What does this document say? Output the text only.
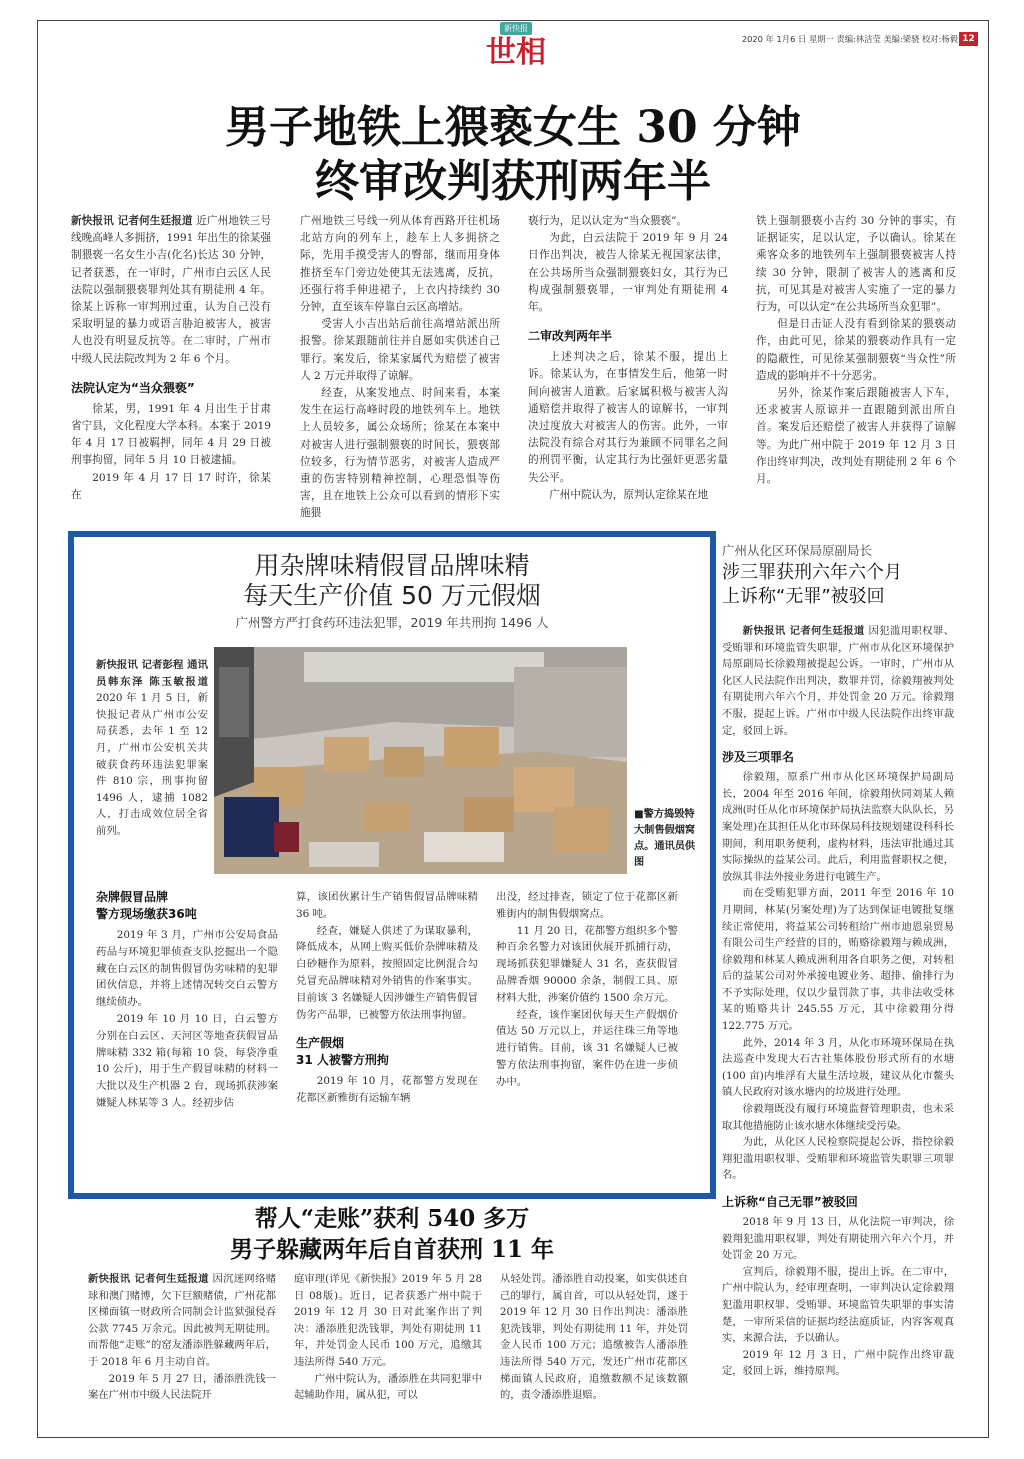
新快报
世相	2020 年 1月6 日 星期一 责编:林洁莹 美编:梁骁 校对:杨毅 12
男子地铁上猥亵女生 30 分钟
终审改判获刑两年半

新快报讯 记者何生廷报道 近广州地铁三号线晚高峰人多拥挤，1991 年出生的徐某强制猥亵一名女生小吉(化名)长达 30 分钟，记者获悉，在一审时，广州市白云区人民法院以强制猥亵罪判处其有期徒刑 4 年。徐某上诉称一审判刑过重，认为自己没有采取明显的暴力或语言胁迫被害人，被害人也没有明显反抗等。在二审时，广州市中级人民法院改判为 2 年 6 个月。

法院认定为“当众猥亵”

徐某，男，1991 年 4 月出生于甘肃省宁县，文化程度大学本科。本案于 2019 年 4 月 17 日被羁押，同年 4 月 29 日被刑事拘留，同年 5 月 10 日被逮捕。

2019 年 4 月 17 日 17 时许，徐某在

广州地铁三号线一列从体育西路开往机场北站方向的列车上，趁车上人多拥挤之际，先用手摸受害人的臀部，继而用身体推挤至车门旁边处使其无法逃离，反抗，还强行将手伸进裙子，上衣内持续约 30 分钟，直至该车停靠白云区高增站。

受害人小吉出站后前往高增站派出所报警。徐某跟随前往并自愿如实供述自己罪行。案发后，徐某家属代为赔偿了被害人 2 万元并取得了谅解。

经查，从案发地点、时间来看，本案发生在运行高峰时段的地铁列车上。地铁上人员较多，属公众场所；徐某在本案中对被害人进行强制猥亵的时间长，猥亵部位较多，行为情节恶劣，对被害人造成严重的伤害特别精神控制，心理恐惧等伤害，且在地铁上公众可以看到的情形下实施猥

亵行为，足以认定为“当众猥亵”。

为此，白云法院于 2019 年 9 月 24 日作出判决，被告人徐某无视国家法律，在公共场所当众强制猥亵妇女，其行为已构成强制猥亵罪，一审判处有期徒刑 4 年。

二审改判两年半

上述判决之后，徐某不服，提出上诉。徐某认为，在事情发生后，他第一时间向被害人道歉。后家属积极与被害人沟通赔偿并取得了被害人的谅解书，一审判决过度放大对被害人的伤害。此外，一审法院没有综合对其行为兼顾不同罪名之间的刑罚平衡，认定其行为比强奸更恶劣量失公平。

广州中院认为，原判认定徐某在地

铁上强制猥亵小吉约 30 分钟的事实，有证据证实，足以认定，予以确认。徐某在乘客众多的地铁列车上强制猥亵被害人持续 30 分钟，限制了被害人的逃离和反抗，可见其是对被害人实施了一定的暴力行为，可以认定“在公共场所当众犯罪”。

但是日击证人没有看到徐某的猥亵动作，由此可见，徐某的猥亵动作具有一定的隐蔽性，可见徐某强制猥亵“当众性”所造成的影响并不十分恶劣。

另外，徐某作案后跟随被害人下车，还求被害人原谅并一直跟随到派出所自首。案发后还赔偿了被害人并获得了谅解等。为此广州中院于 2019 年 12 月 3 日作出终审判决，改判处有期徒刑 2 年 6 个月。

用杂牌味精假冒品牌味精
每天生产价值 50 万元假烟
广州警方严打食药环违法犯罪，2019 年共刑拘 1496 人

新快报讯 记者彭程 通讯员韩东泽 陈玉敏报道 2020 年 1 月 5 日，新快报记者从广州市公安局获悉，去年 1 至 12 月，广州市公安机关共破获食药环违法犯罪案件 810 宗，刑事拘留 1496 人，逮捕 1082 人，打击成效位居全省前列。

■警方捣毁特大制售假烟窝点。通讯员供图
杂牌假冒品牌
警方现场缴获36吨

2019 年 3 月，广州市公安局食品药品与环境犯罪侦查支队挖掘出一个隐藏在白云区的制售假冒伪劣味精的犯罪团伙信息，并将上述情况转交白云警方继续侦办。

2019 年 10 月 10 日，白云警方分别在白云区、天河区等地查获假冒品牌味精 332 箱(每箱 10 袋，每袋净重 10 公斤)，用于生产假冒味精的材料一大批以及生产机器 2 台，现场抓获涉案嫌疑人林某等 3 人。经初步估

算，该团伙累计生产销售假冒品牌味精 36 吨。

经查，嫌疑人供述了为谋取暴利，降低成本，从网上购买低价杂牌味精及白砂糖作为原料，按照固定比例混合勾兑冒充品牌味精对外销售的作案事实。目前该 3 名嫌疑人因涉嫌生产销售假冒伪劣产品罪，已被警方依法刑事拘留。

生产假烟
31 人被警方刑拘

2019 年 10 月，花都警方发现在花都区新雅街有运输车辆

出没，经过排查，锁定了位于花都区新雅街内的制售假烟窝点。

11 月 20 日，花都警方组织多个警种百余名警力对该团伙展开抓捕行动，现场抓获犯罪嫌疑人 31 名，查获假冒品牌香烟 90000 余条，制假工具、原材料大批，涉案价值约 1500 余万元。

经查，该作案团伙每天生产假烟价值达 50 万元以上，并运往珠三角等地进行销售。目前，该 31 名嫌疑人已被警方依法刑事拘留，案件仍在进一步侦办中。

广州从化区环保局原副局长
涉三罪获刑六年六个月
上诉称“无罪”被驳回

新快报讯 记者何生廷报道 因犯滥用职权罪、受贿罪和环境监管失职罪，广州市从化区环境保护局原副局长徐毅翔被提起公诉。一审时，广州市从化区人民法院作出判决，数罪并罚，徐毅翔被判处有期徒刑六年六个月，并处罚金 20 万元。徐毅翔不服，提起上诉。广州市中级人民法院作出终审裁定，驳回上诉。

涉及三项罪名

徐毅翔，原系广州市从化区环境保护局副局长，2004 年至 2016 年间，徐毅翔伙同刘某人赖成洲(时任从化市环境保护局执法监察大队队长，另案处理)在其担任从化市环保局科技规划建设科科长期间，利用职务便利，虚构材料，违法审批通过其实际操纵的益某公司。此后，利用监督职权之便，放纵其非法外接业务进行电镀生产。

而在受贿犯罪方面，2011 年至 2016 年 10 月期间，林某(另案处理)为了达到保证电镀批复继续正常使用，将益某公司转租给广州市迪恩泉贸易有限公司生产经营的目的，贿赂徐毅翔与赖成洲，徐毅翔和林某人赖成洲利用各自职务之便，对转租后的益某公司对外承接电镀业务、超排、偷排行为不予实际处理，仅以少量罚款了事，共非法收受林某的贿赂共计 245.55 万元，其中徐毅翔分得 122.775 万元。

此外，2014 年 3 月，从化市环境环保局在执法巡查中发现大石古社集体股份形式所有的水塘(100 亩)内堆浮有大量生活垃圾，建议从化市鳌头镇人民政府对该水塘内的垃圾进行处理。

徐毅翔既没有履行环境监督管理职责，也未采取其他措施防止该水塘水体继续受污染。

为此，从化区人民检察院提起公诉，指控徐毅翔犯滥用职权罪、受贿罪和环境监管失职罪三项罪名。

上诉称“自己无罪”被驳回

2018 年 9 月 13 日，从化法院一审判决，徐毅翔犯滥用职权罪，判处有期徒刑六年六个月，并处罚金 20 万元。

宣判后，徐毅翔不服，提出上诉。在二审中，广州中院认为，经审理查明，一审判决认定徐毅翔犯滥用职权罪、受贿罪、环境监管失职罪的事实清楚，一审所采信的证据均经法庭质证，内容客观真实，来源合法，予以确认。

2019 年 12 月 3 日，广州中院作出终审裁定，驳回上诉，维持原判。

帮人“走账”获利 540 多万
男子躲藏两年后自首获刑 11 年

新快报讯 记者何生廷报道 因沉迷网络赌球和澳门赌博，欠下巨额赌债，广州花都区梯面镇一财政所合同制会计监狱强侵吞公款 7745 万余元。因此被判无期徒刑。而帮他“走账”的窑友潘添胜躲藏两年后，于 2018 年 6 月主动自首。

2019 年 5 月 27 日，潘添胜洗钱一案在广州市中级人民法院开

庭审理(详见《新快报》2019 年 5 月 28 日 08版)。近日，记者获悉广州中院于 2019 年 12 月 30 日对此案作出了判决：潘添胜犯洗钱罪，判处有期徒刑 11 年，并处罚金人民币 100 万元，追缴其违法所得 540 万元。

广州中院认为，潘添胜在共同犯罪中起辅助作用，属从犯，可以

从轻处罚。潘添胜自动投案，如实供述自己的罪行，属自首，可以从轻处罚，遂于 2019 年 12 月 30 日作出判决：潘添胜犯洗钱罪，判处有期徒刑 11 年，并处罚金人民币 100 万元；追缴被告人潘添胜违法所得 540 万元，发还广州市花都区梯面镇人民政府，追缴数额不足该数额的，责令潘添胜退赔。
